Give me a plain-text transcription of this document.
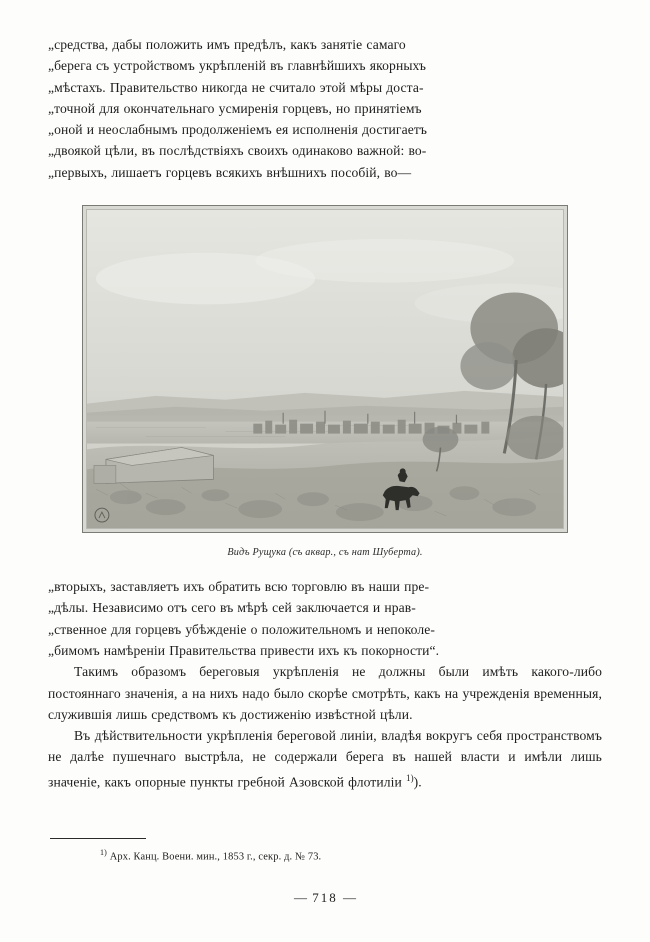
„средства, дабы положить имъ предѣлъ, какъ занятіе самаго
„берега съ устройствомъ укрѣпленій въ главнѣйшихъ якорныхъ
„мѣстахъ. Правительство никогда не считало этой мѣры доста-
„точной для окончательнаго усмиренія горцевъ, но принятіемъ
„оной и неослабнымъ продолженіемъ ея исполненія достигаетъ
„двоякой цѣли, въ послѣдствіяхъ своихъ одинаково важной: во-
„первыхъ, лишаетъ горцевъ всякихъ внѣшнихъ пособій, во—
Видъ Рущука (съ аквар., съ нат Шуберта).
„вторыхъ, заставляетъ ихъ обратить всю торговлю въ наши пре-
„дѣлы. Независимо отъ сего въ мѣрѣ сей заключается и нрав-
„ственное для горцевъ убѣжденіе о положительномъ и непоколе-
„бимомъ намѣреніи Правительства привести ихъ къ покорности“.

Такимъ образомъ береговыя укрѣпленія не должны были имѣть какого-либо постояннаго значенія, а на нихъ надо было скорѣе смотрѣть, какъ на учрежденія временныя, служившія лишь средствомъ къ достиженію извѣстной цѣли.

Въ дѣйствительности укрѣпленія береговой линіи, владѣя вокругъ себя пространствомъ не далѣе пушечнаго выстрѣла, не содержали берега въ нашей власти и имѣли лишь значеніе, какъ опорные пункты гребной Азовской флотиліи $^{1)}$).

$^{1)}$ Арх. Канц. Воени. мин., 1853 г., секр. д. № 73.

— 718 —
